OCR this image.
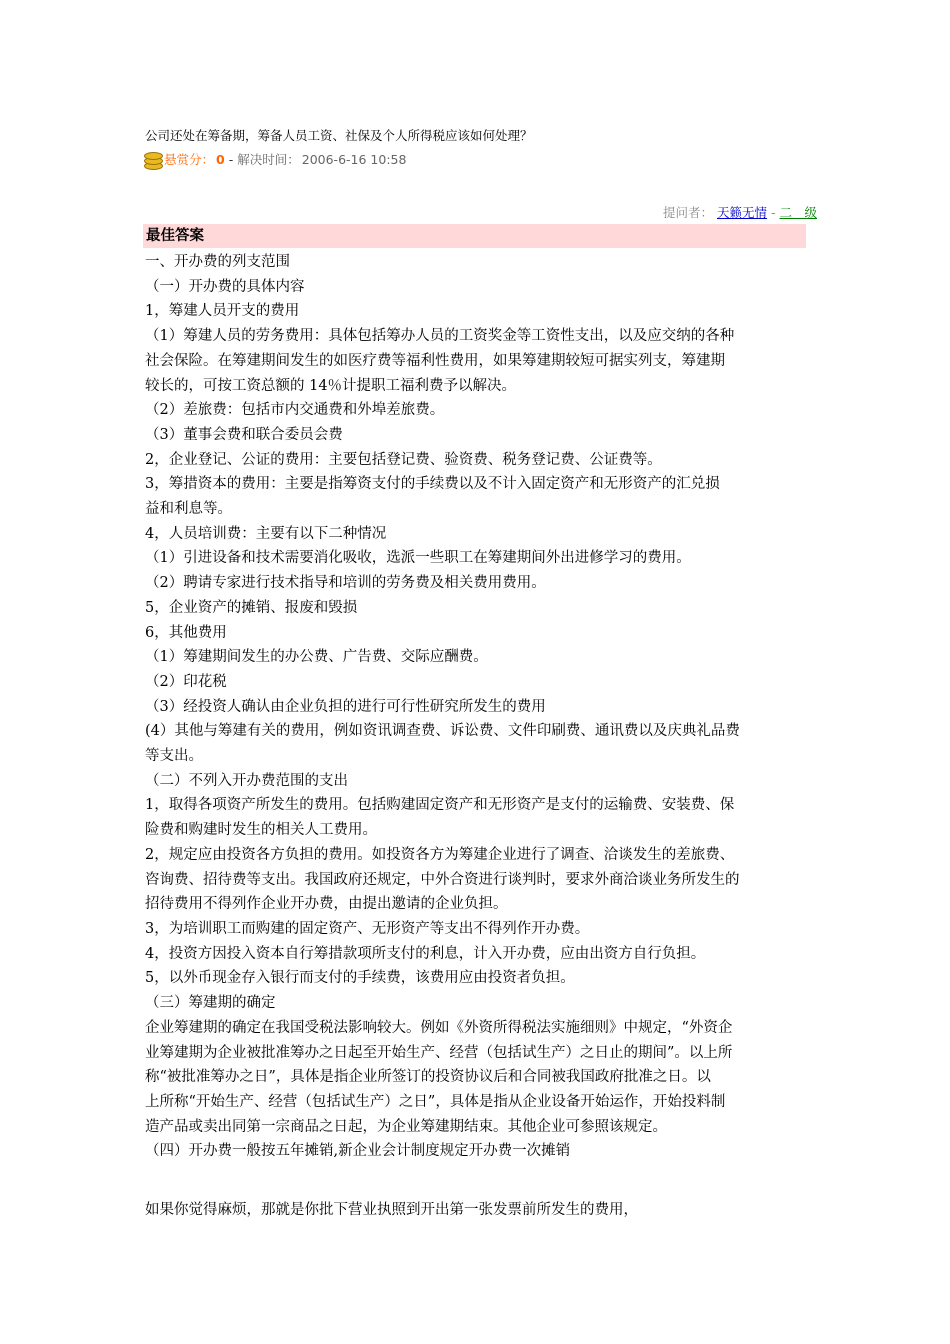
公司还处在筹备期，筹备人员工资、社保及个人所得税应该如何处理？
悬赏分： 0 - 解决时间： 2006-6-16 10:58
提问者： 天籁无情 - 二　级
最佳答案
一、开办费的列支范围
（一）开办费的具体内容
1，筹建人员开支的费用
（1）筹建人员的劳务费用：具体包括筹办人员的工资奖金等工资性支出，以及应交纳的各种
社会保险。在筹建期间发生的如医疗费等福利性费用，如果筹建期较短可据实列支，筹建期
较长的，可按工资总额的 14％计提职工福利费予以解决。
（2）差旅费：包括市内交通费和外埠差旅费。
（3）董事会费和联合委员会费
2，企业登记、公证的费用：主要包括登记费、验资费、税务登记费、公证费等。
3，筹措资本的费用：主要是指筹资支付的手续费以及不计入固定资产和无形资产的汇兑损
益和利息等。
4，人员培训费：主要有以下二种情况
（1）引进设备和技术需要消化吸收，选派一些职工在筹建期间外出进修学习的费用。
（2）聘请专家进行技术指导和培训的劳务费及相关费用费用。
5，企业资产的摊销、报废和毁损
6，其他费用
（1）筹建期间发生的办公费、广告费、交际应酬费。
（2）印花税
（3）经投资人确认由企业负担的进行可行性研究所发生的费用
(4）其他与筹建有关的费用，例如资讯调查费、诉讼费、文件印刷费、通讯费以及庆典礼品费
等支出。
（二）不列入开办费范围的支出
1，取得各项资产所发生的费用。包括购建固定资产和无形资产是支付的运输费、安装费、保
险费和购建时发生的相关人工费用。
2，规定应由投资各方负担的费用。如投资各方为筹建企业进行了调查、洽谈发生的差旅费、
咨询费、招待费等支出。我国政府还规定，中外合资进行谈判时，要求外商洽谈业务所发生的
招待费用不得列作企业开办费，由提出邀请的企业负担。
3，为培训职工而购建的固定资产、无形资产等支出不得列作开办费。
4，投资方因投入资本自行筹措款项所支付的利息，计入开办费，应由出资方自行负担。
5，以外币现金存入银行而支付的手续费，该费用应由投资者负担。
（三）筹建期的确定
企业筹建期的确定在我国受税法影响较大。例如《外资所得税法实施细则》中规定，“外资企
业筹建期为企业被批准筹办之日起至开始生产、经营（包括试生产）之日止的期间”。以上所
称“被批准筹办之日”，具体是指企业所签订的投资协议后和合同被我国政府批准之日。以
上所称“开始生产、经营（包括试生产）之日”，具体是指从企业设备开始运作，开始投料制
造产品或卖出同第一宗商品之日起，为企业筹建期结束。其他企业可参照该规定。
（四）开办费一般按五年摊销,新企业会计制度规定开办费一次摊销
如果你觉得麻烦，那就是你批下营业执照到开出第一张发票前所发生的费用，
